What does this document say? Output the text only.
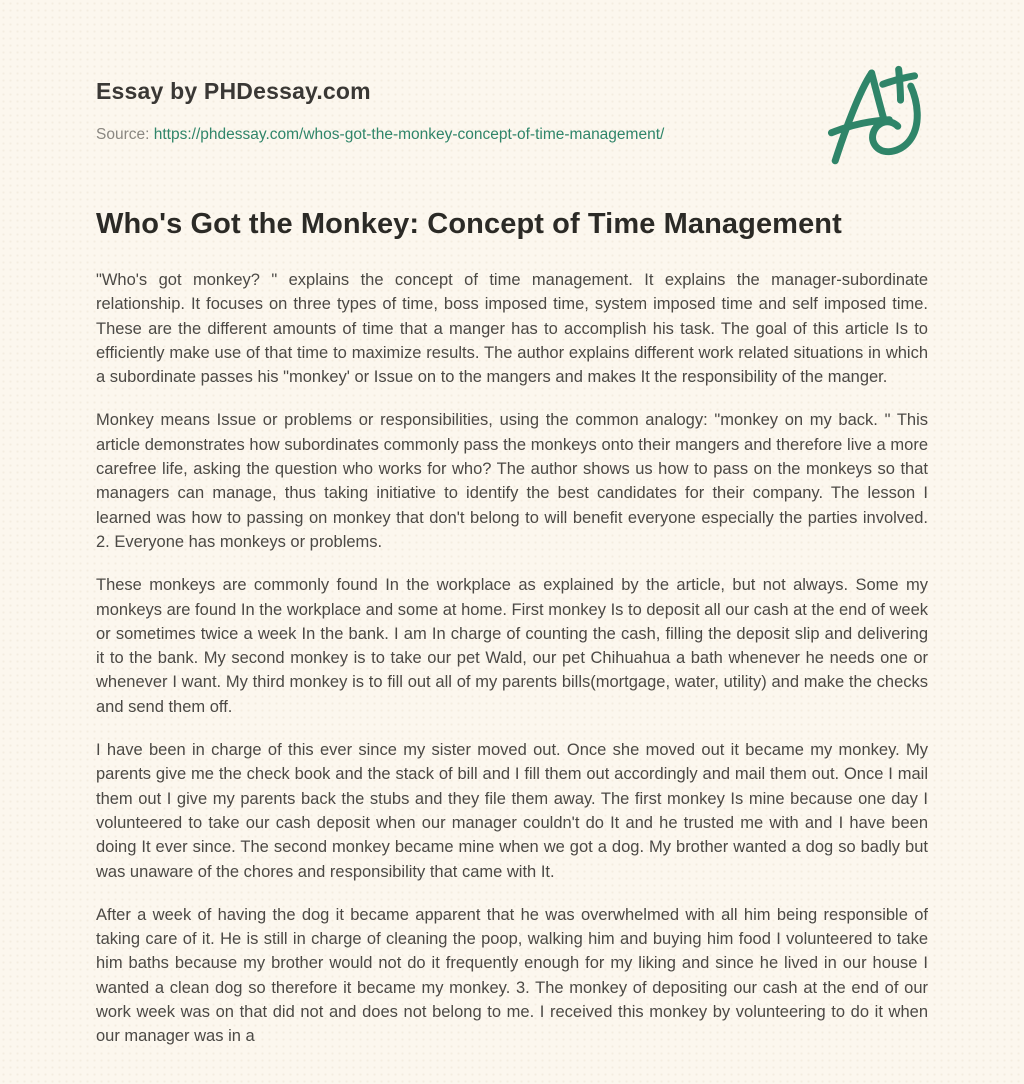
Essay by PHDessay.com
Source: https://phdessay.com/whos-got-the-monkey-concept-of-time-management/
Who's Got the Monkey: Concept of Time Management

"Who's got monkey? " explains the concept of time management. It explains the manager-subordinate relationship. It focuses on three types of time, boss imposed time, system imposed time and self imposed time. These are the different amounts of time that a manger has to accomplish his task. The goal of this article Is to efficiently make use of that time to maximize results. The author explains different work related situations in which a subordinate passes his "monkey' or Issue on to the mangers and makes It the responsibility of the manger.

Monkey means Issue or problems or responsibilities, using the common analogy: "monkey on my back. " This article demonstrates how subordinates commonly pass the monkeys onto their mangers and therefore live a more carefree life, asking the question who works for who? The author shows us how to pass on the monkeys so that managers can manage, thus taking initiative to identify the best candidates for their company. The lesson I learned was how to passing on monkey that don't belong to will benefit everyone especially the parties involved. 2. Everyone has monkeys or problems.

These monkeys are commonly found In the workplace as explained by the article, but not always. Some my monkeys are found In the workplace and some at home. First monkey Is to deposit all our cash at the end of week or sometimes twice a week In the bank. I am In charge of counting the cash, filling the deposit slip and delivering it to the bank. My second monkey is to take our pet Wald, our pet Chihuahua a bath whenever he needs one or whenever I want. My third monkey is to fill out all of my parents bills(mortgage, water, utility) and make the checks and send them off.

I have been in charge of this ever since my sister moved out. Once she moved out it became my monkey. My parents give me the check book and the stack of bill and I fill them out accordingly and mail them out. Once I mail them out I give my parents back the stubs and they file them away. The first monkey Is mine because one day I volunteered to take our cash deposit when our manager couldn't do It and he trusted me with and I have been doing It ever since. The second monkey became mine when we got a dog. My brother wanted a dog so badly but was unaware of the chores and responsibility that came with It.

After a week of having the dog it became apparent that he was overwhelmed with all him being responsible of taking care of it. He is still in charge of cleaning the poop, walking him and buying him food I volunteered to take him baths because my brother would not do it frequently enough for my liking and since he lived in our house I wanted a clean dog so therefore it became my monkey. 3. The monkey of depositing our cash at the end of our work week was on that did not and does not belong to me. I received this monkey by volunteering to do it when our manager was in a
